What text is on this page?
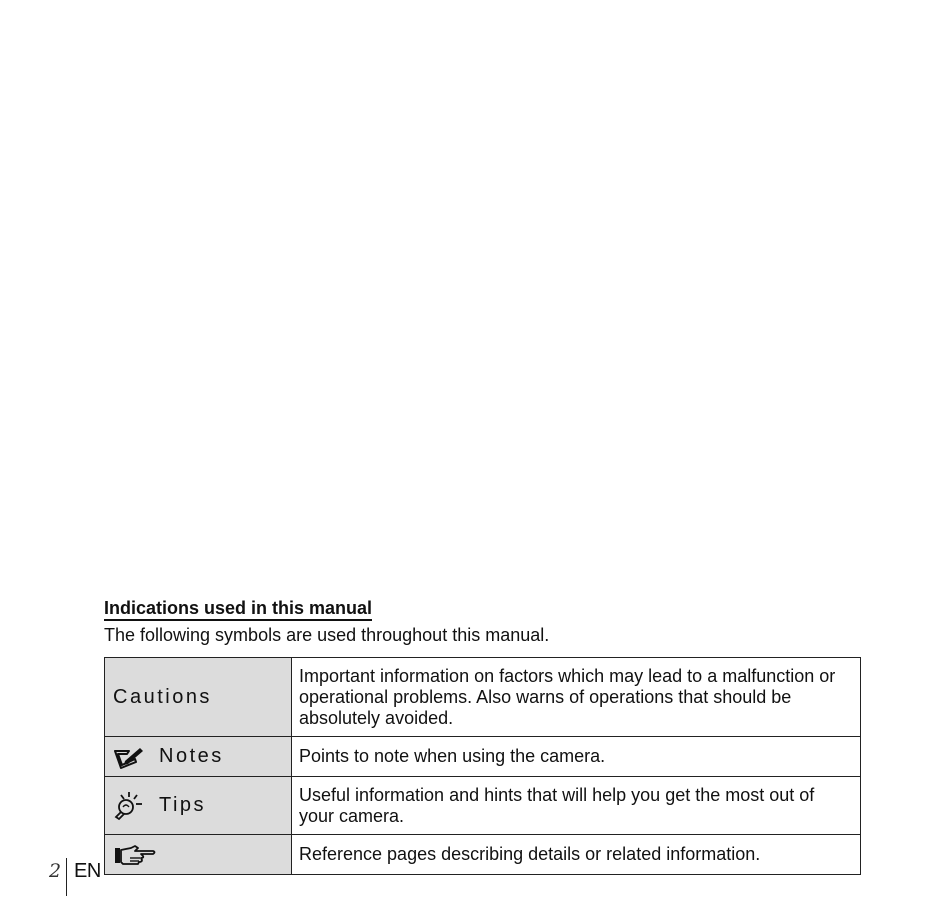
Indications used in this manual

The following symbols are used throughout this manual.

Cautions	Important information on factors which may lead to a malfunction or operational problems. Also warns of operations that should be absolutely avoided.

Notes	Points to note when using the camera.

Tips	Useful information and hints that will help you get the most out of your camera.

	Reference pages describing details or related information.
2 EN
